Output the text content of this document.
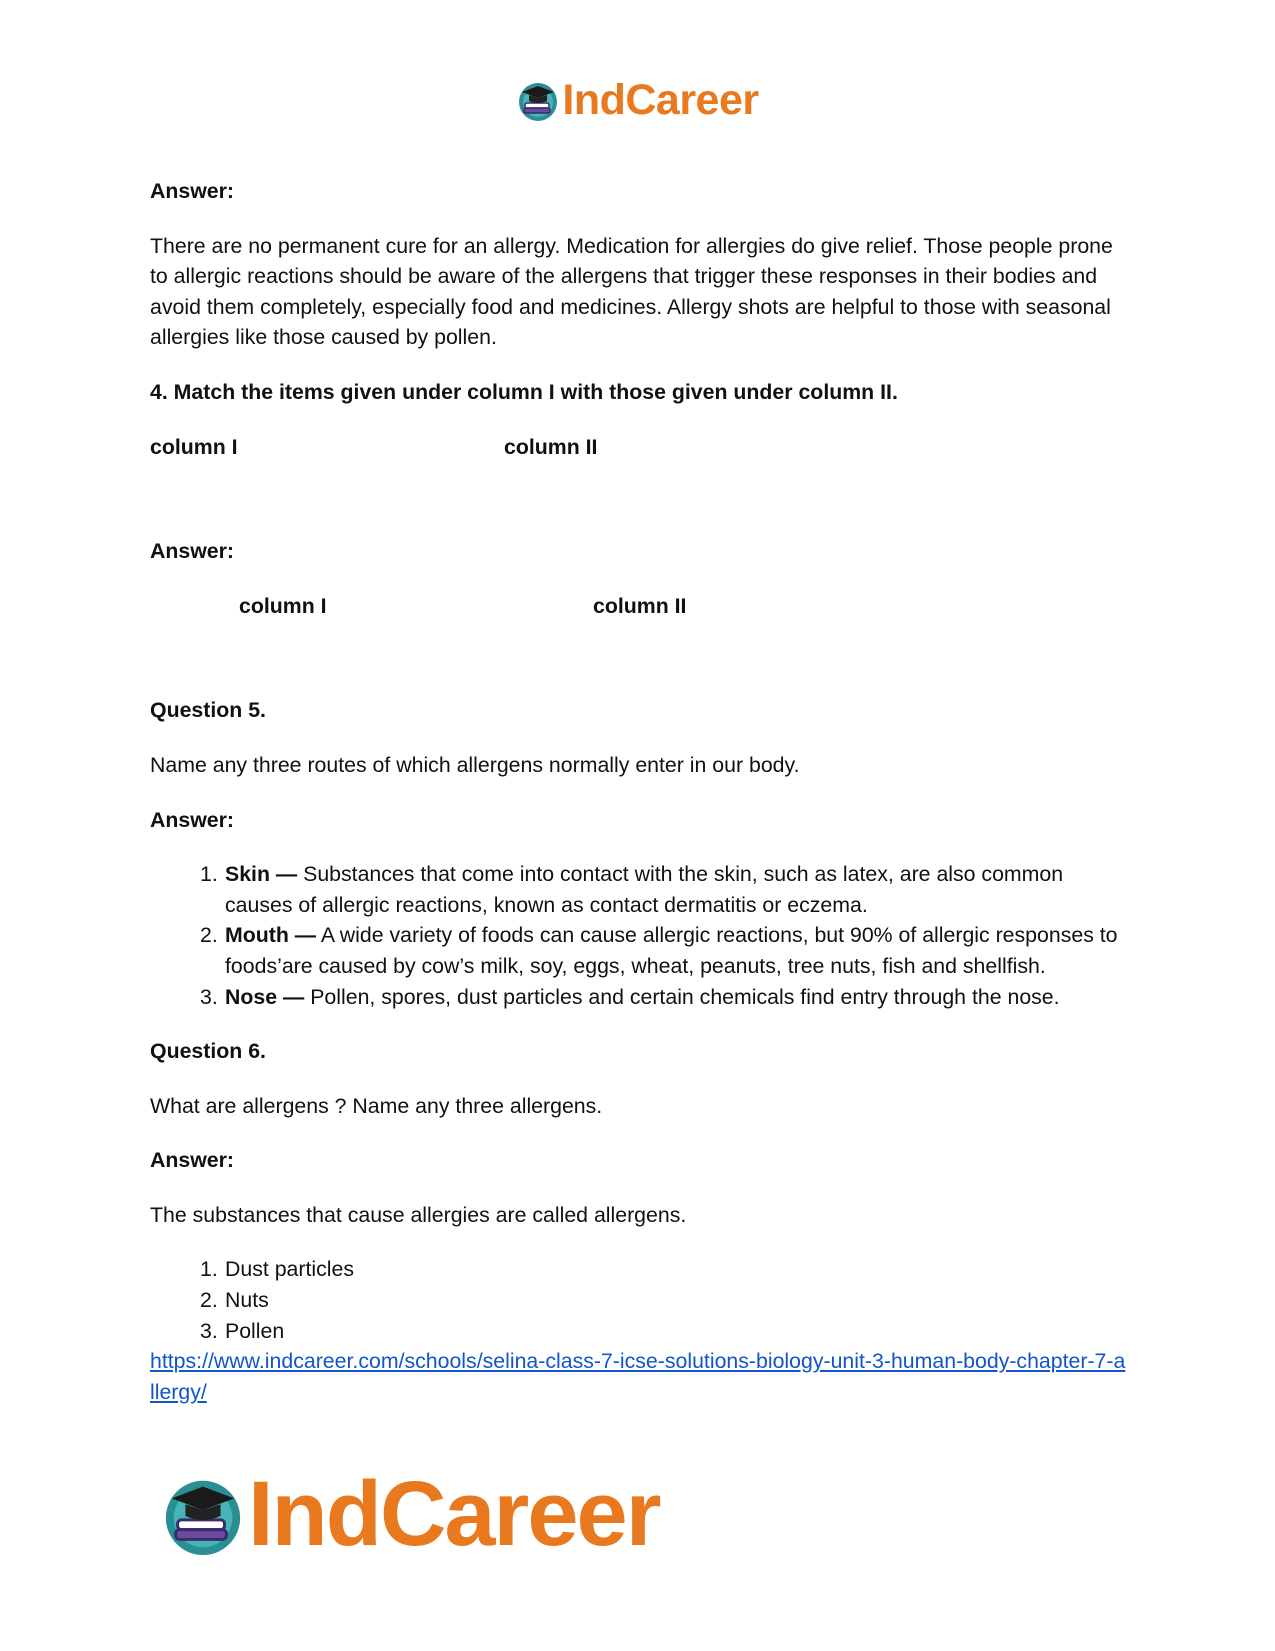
IndCareer

Answer:

There are no permanent cure for an allergy. Medication for allergies do give relief. Those people prone to allergic reactions should be aware of the allergens that trigger these responses in their bodies and avoid them completely, especially food and medicines. Allergy shots are helpful to those with seasonal allergies like those caused by pollen.

4. Match the items given under column I with those given under column II.

column I	column II

Answer:

column I	column II

Question 5.

Name any three routes of which allergens normally enter in our body.

Answer:

1. Skin — Substances that come into contact with the skin, such as latex, are also common causes of allergic reactions, known as contact dermatitis or eczema.
2. Mouth — A wide variety of foods can cause allergic reactions, but 90% of allergic responses to foods’are caused by cow’s milk, soy, eggs, wheat, peanuts, tree nuts, fish and shellfish.
3. Nose — Pollen, spores, dust particles and certain chemicals find entry through the nose.

Question 6.

What are allergens ? Name any three allergens.

Answer:

The substances that cause allergies are called allergens.

1. Dust particles
2. Nuts
3. Pollen
https://www.indcareer.com/schools/selina-class-7-icse-solutions-biology-unit-3-human-body-chapter-7-allergy/
IndCareer
